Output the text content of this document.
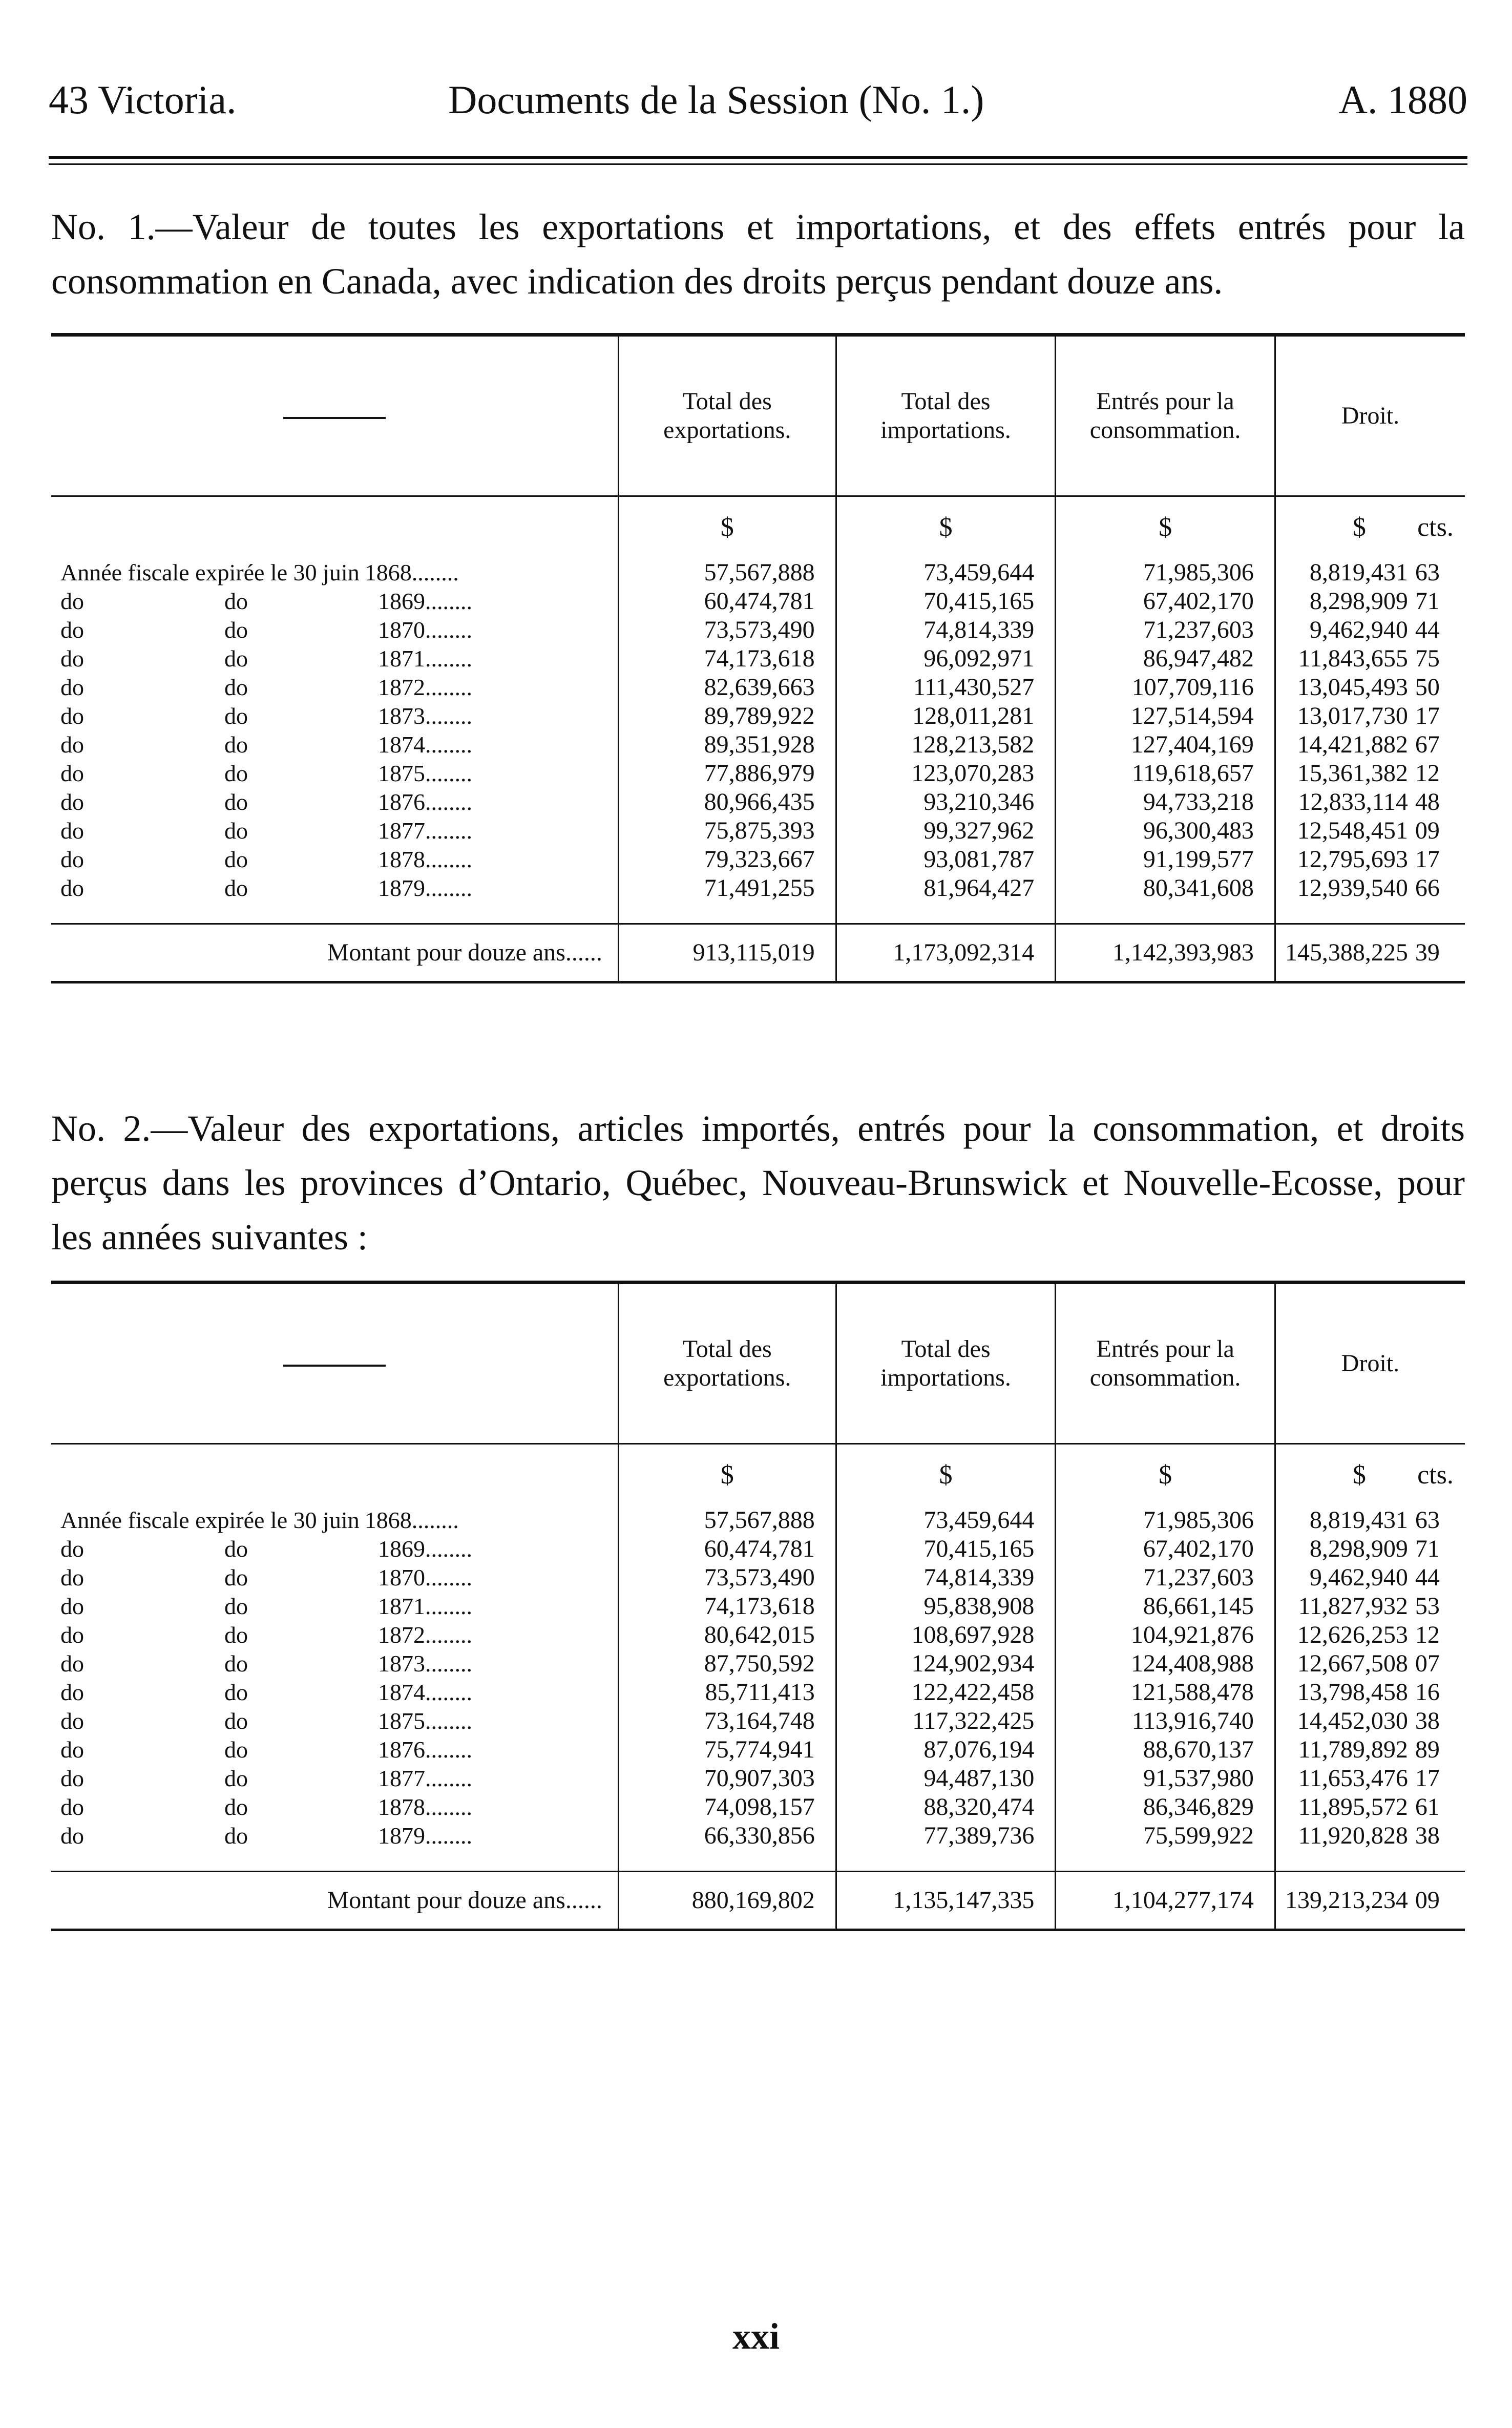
43 Victoria.	Documents de la Session (No. 1.)	A. 1880
No. 1.—Valeur de toutes les exportations et importations, et des effets entrés pour la consommation en Canada, avec indication des droits perçus pendant douze ans.
	Total des exportations.	Total des importations.	Entrés pour la consommation.	Droit.	
	$	$	$	$	cts.
Année fiscale expirée le 30 juin 1868........	57,567,888	73,459,644	71,985,306	8,819,431	63
do do 1869........	60,474,781	70,415,165	67,402,170	8,298,909	71
do do 1870........	73,573,490	74,814,339	71,237,603	9,462,940	44
do do 1871........	74,173,618	96,092,971	86,947,482	11,843,655	75
do do 1872........	82,639,663	111,430,527	107,709,116	13,045,493	50
do do 1873........	89,789,922	128,011,281	127,514,594	13,017,730	17
do do 1874........	89,351,928	128,213,582	127,404,169	14,421,882	67
do do 1875........	77,886,979	123,070,283	119,618,657	15,361,382	12
do do 1876........	80,966,435	93,210,346	94,733,218	12,833,114	48
do do 1877........	75,875,393	99,327,962	96,300,483	12,548,451	09
do do 1878........	79,323,667	93,081,787	91,199,577	12,795,693	17
do do 1879........	71,491,255	81,964,427	80,341,608	12,939,540	66

Montant pour douze ans......	913,115,019	1,173,092,314	1,142,393,983	145,388,225	39
No. 2.—Valeur des exportations, articles importés, entrés pour la consommation, et droits perçus dans les provinces d’Ontario, Québec, Nouveau-Brunswick et Nouvelle-Ecosse, pour les années suivantes :
	Total des exportations.	Total des importations.	Entrés pour la consommation.	Droit.	
	$	$	$	$	cts.
Année fiscale expirée le 30 juin 1868........	57,567,888	73,459,644	71,985,306	8,819,431	63
do do 1869........	60,474,781	70,415,165	67,402,170	8,298,909	71
do do 1870........	73,573,490	74,814,339	71,237,603	9,462,940	44
do do 1871........	74,173,618	95,838,908	86,661,145	11,827,932	53
do do 1872........	80,642,015	108,697,928	104,921,876	12,626,253	12
do do 1873........	87,750,592	124,902,934	124,408,988	12,667,508	07
do do 1874........	85,711,413	122,422,458	121,588,478	13,798,458	16
do do 1875........	73,164,748	117,322,425	113,916,740	14,452,030	38
do do 1876........	75,774,941	87,076,194	88,670,137	11,789,892	89
do do 1877........	70,907,303	94,487,130	91,537,980	11,653,476	17
do do 1878........	74,098,157	88,320,474	86,346,829	11,895,572	61
do do 1879........	66,330,856	77,389,736	75,599,922	11,920,828	38

Montant pour douze ans......	880,169,802	1,135,147,335	1,104,277,174	139,213,234	09
xxi
